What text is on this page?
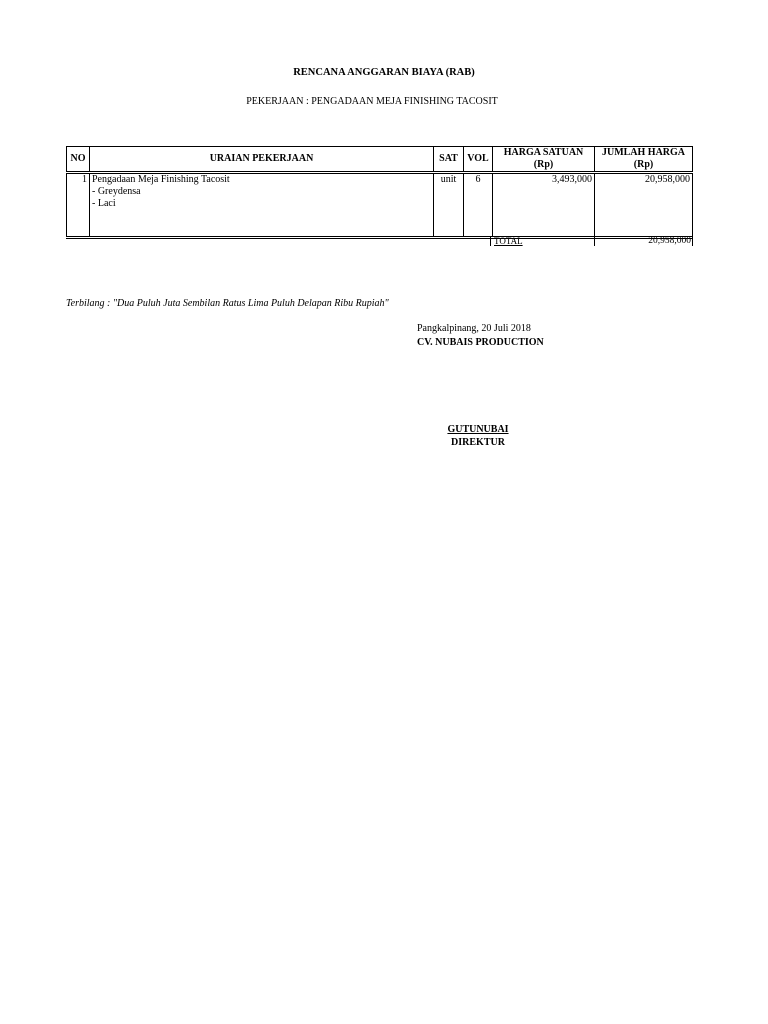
RENCANA ANGGARAN BIAYA (RAB)
PEKERJAAN : PENGADAAN MEJA FINISHING TACOSIT
NO	URAIAN PEKERJAAN	SAT	VOL	HARGA SATUAN (Rp)	JUMLAH HARGA (Rp)
1	Pengadaan Meja Finishing Tacosit
- Greydensa
- Laci	unit	6	3,493,000	20,958,000
TOTAL	20,958,000
Terbilang : "Dua Puluh Juta Sembilan Ratus Lima Puluh Delapan Ribu Rupiah"
Pangkalpinang, 20 Juli 2018
CV. NUBAIS PRODUCTION
GUTUNUBAI
DIREKTUR
